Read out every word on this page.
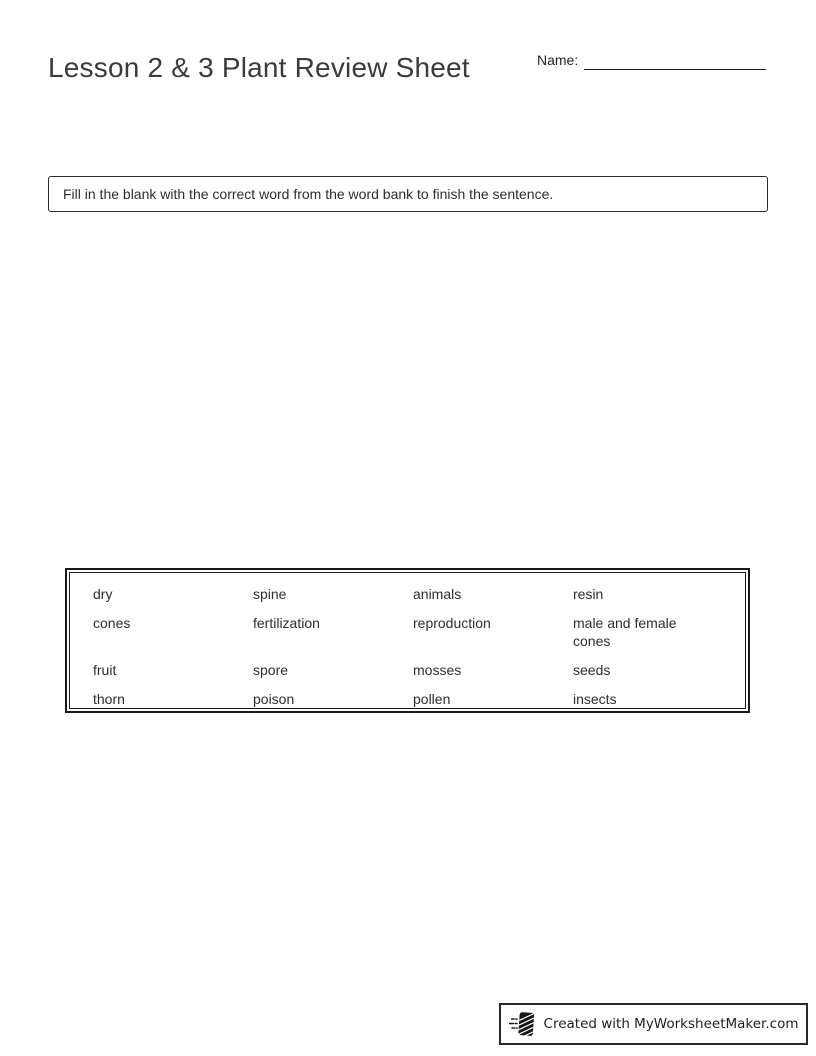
Lesson 2 & 3 Plant Review Sheet	Name:
Fill in the blank with the correct word from the word bank to finish the sentence.
dry	spine	animals	resin
cones	fertilization	reproduction	male and female cones
fruit	spore	mosses	seeds
thorn	poison	pollen	insects
Created with MyWorksheetMaker.com
